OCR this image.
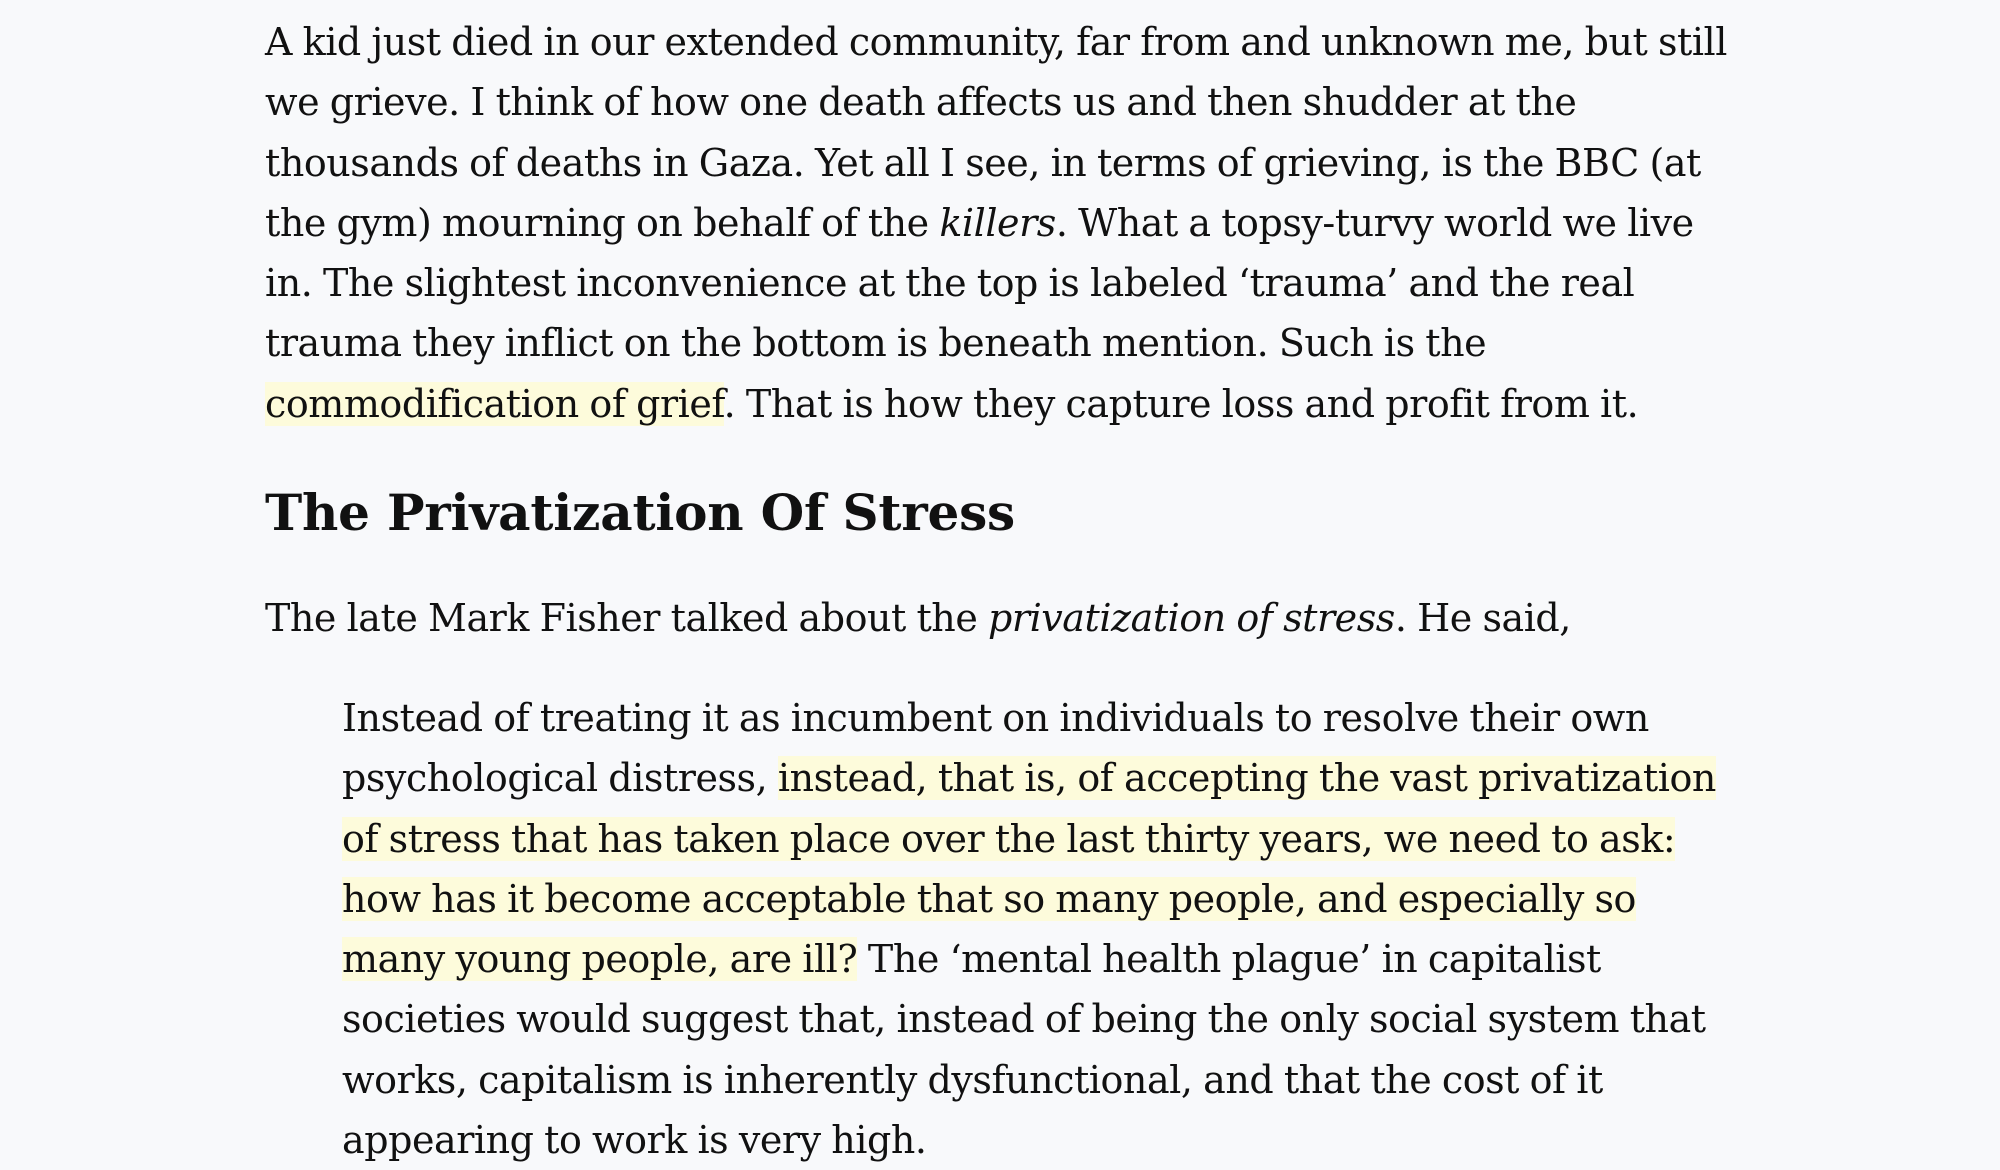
A kid just died in our extended community, far from and unknown me, but still we grieve. I think of how one death affects us and then shudder at the thousands of deaths in Gaza. Yet all I see, in terms of grieving, is the BBC (at the gym) mourning on behalf of the killers. What a topsy-turvy world we live in. The slightest inconvenience at the top is labeled ‘trauma’ and the real trauma they inflict on the bottom is beneath mention. Such is the commodification of grief. That is how they capture loss and profit from it.

The Privatization Of Stress

The late Mark Fisher talked about the privatization of stress. He said,

Instead of treating it as incumbent on individuals to resolve their own psychological distress, instead, that is, of accepting the vast privatization of stress that has taken place over the last thirty years, we need to ask: how has it become acceptable that so many people, and especially so many young people, are ill? The ‘mental health plague’ in capitalist societies would suggest that, instead of being the only social system that works, capitalism is inherently dysfunctional, and that the cost of it appearing to work is very high.
